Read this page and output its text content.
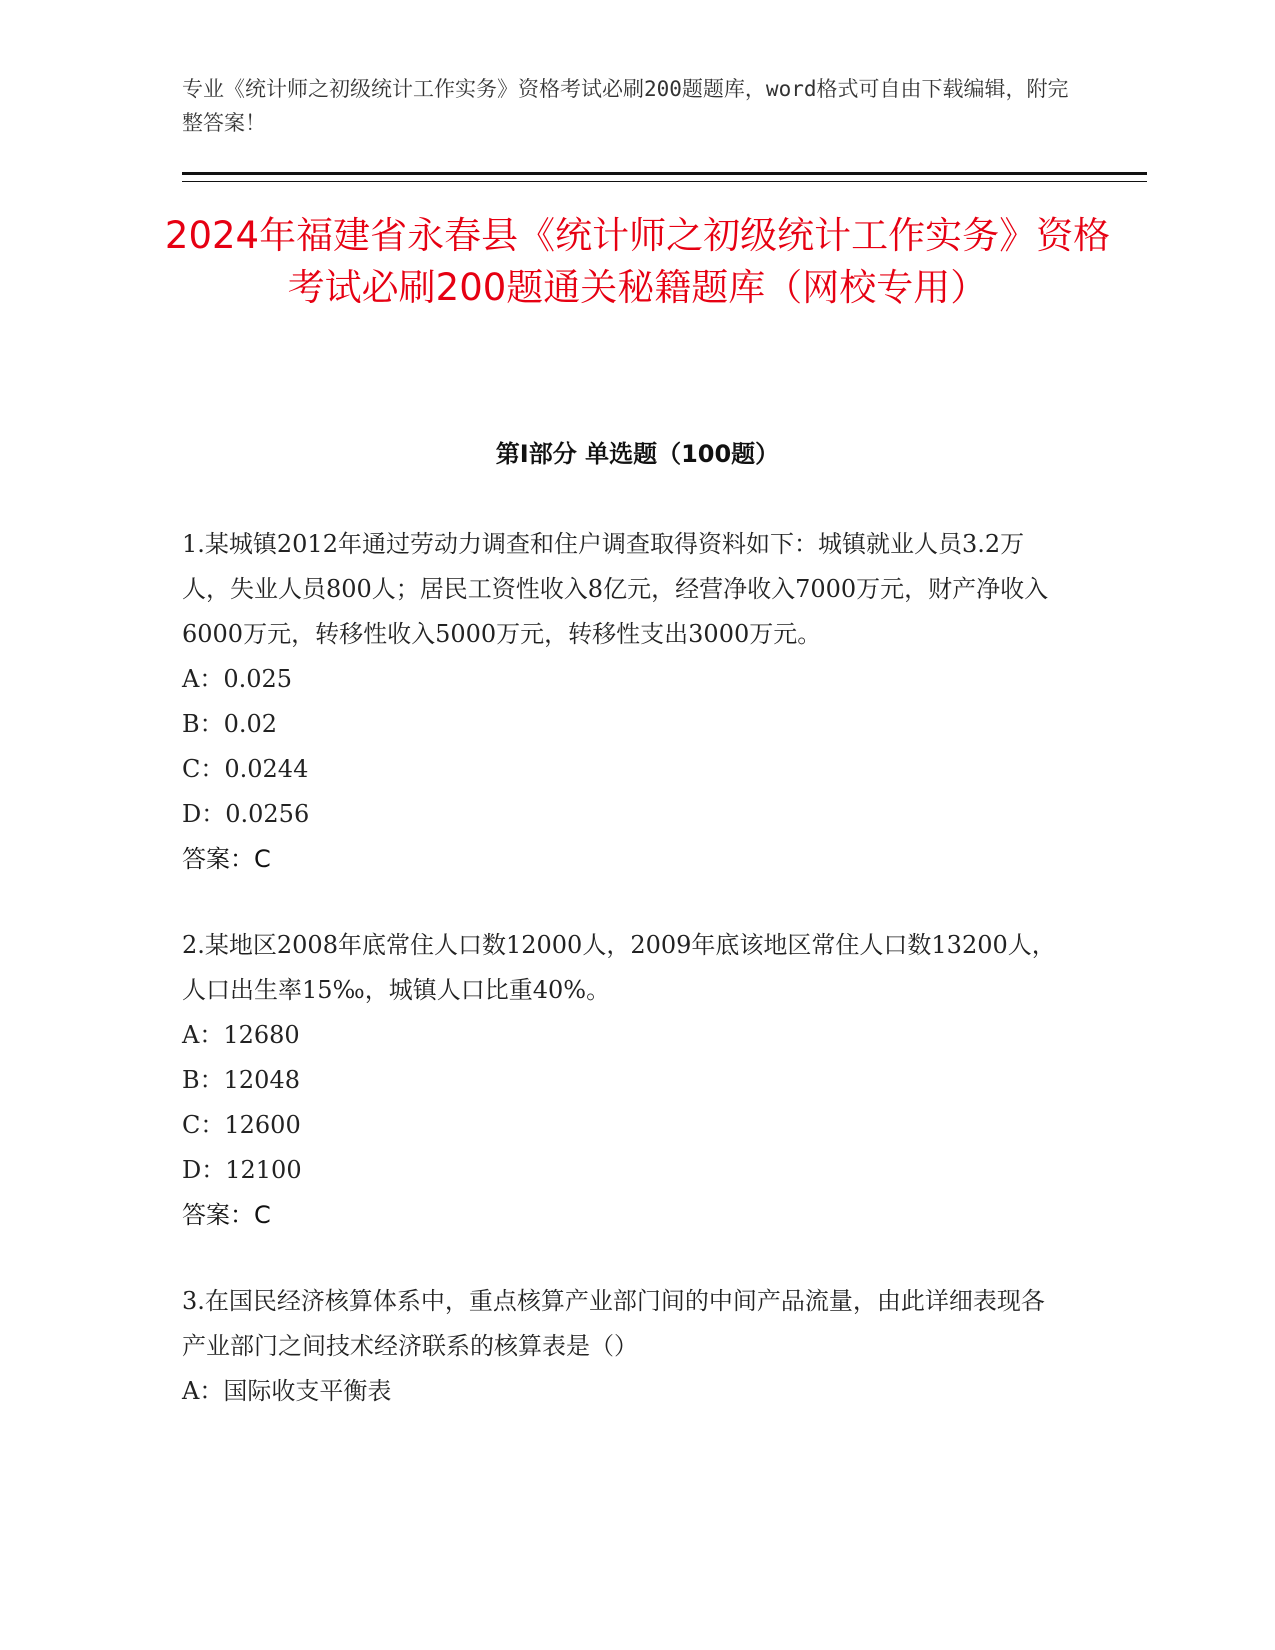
专业《统计师之初级统计工作实务》资格考试必刷200题题库，word格式可自由下载编辑，附完整答案！
2024年福建省永春县《统计师之初级统计工作实务》资格考试必刷200题通关秘籍题库（网校专用）
第Ⅰ部分 单选题（100题）

1.某城镇2012年通过劳动力调查和住户调查取得资料如下：城镇就业人员3.2万人，失业人员800人；居民工资性收入8亿元，经营净收入7000万元，财产净收入6000万元，转移性收入5000万元，转移性支出3000万元。

A：0.025

B：0.02

C：0.0244

D：0.0256

答案：C

2.某地区2008年底常住人口数12000人，2009年底该地区常住人口数13200人，人口出生率15‰，城镇人口比重40%。

A：12680

B：12048

C：12600

D：12100

答案：C

3.在国民经济核算体系中，重点核算产业部门间的中间产品流量，由此详细表现各产业部门之间技术经济联系的核算表是（）

A：国际收支平衡表
